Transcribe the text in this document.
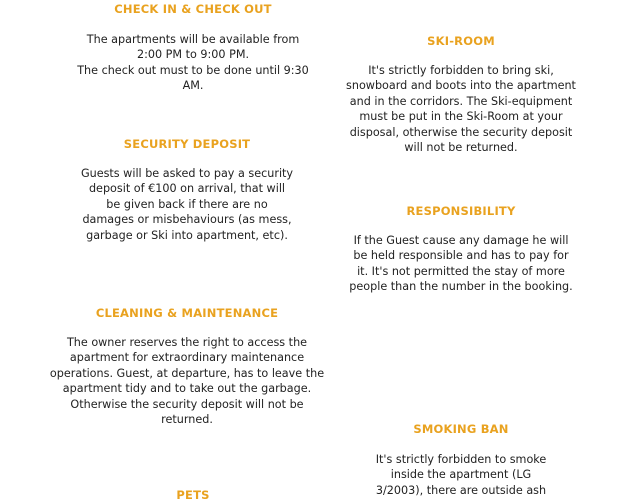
CHECK IN & CHECK OUT

The apartments will be available from
2:00 PM to 9:00 PM.
The check out must to be done until 9:30
AM.

SECURITY DEPOSIT

Guests will be asked to pay a security
deposit of €100 on arrival, that will
be given back if there are no
damages or misbehaviours (as mess,
garbage or Ski into apartment, etc).

CLEANING & MAINTENANCE

The owner reserves the right to access the
apartment for extraordinary maintenance
operations. Guest, at departure, has to leave the
apartment tidy and to take out the garbage.
Otherwise the security deposit will not be
returned.

PETS
SKI-ROOM

It's strictly forbidden to bring ski,
snowboard and boots into the apartment
and in the corridors. The Ski-equipment
must be put in the Ski-Room at your
disposal, otherwise the security deposit
will not be returned.

RESPONSIBILITY

If the Guest cause any damage he will
be held responsible and has to pay for
it. It's not permitted the stay of more
people than the number in the booking.

SMOKING BAN

It's strictly forbidden to smoke
inside the apartment (LG
3/2003), there are outside ash
